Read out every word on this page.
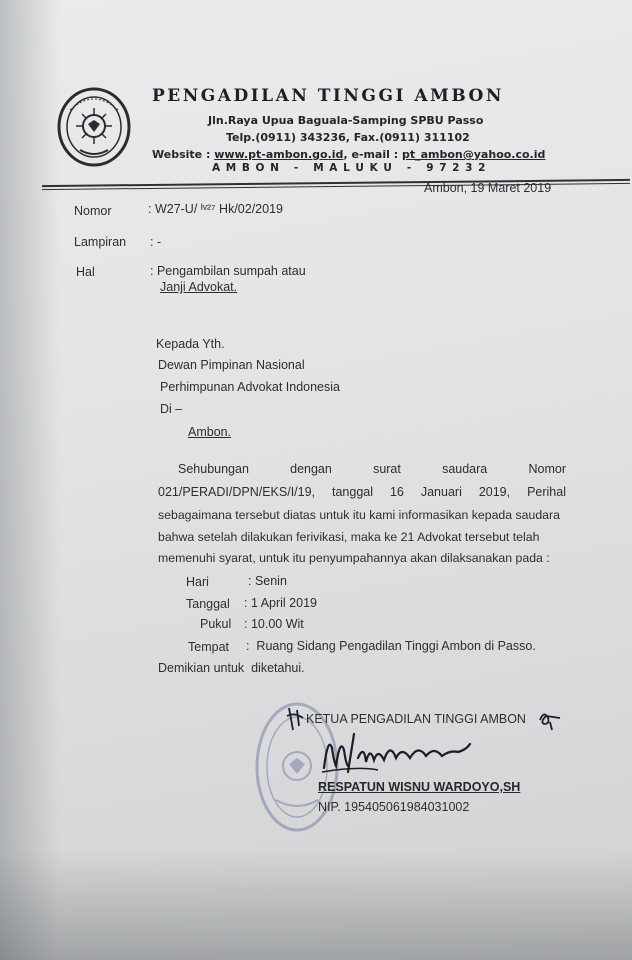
PENGADILAN TINGGI AMBON
Jln.Raya Upua Baguala-Samping SPBU Passo
Telp.(0911) 343236, Fax.(0911) 311102
Website : www.pt-ambon.go.id, e-mail : pt_ambon@yahoo.co.id
A M B O N   -   M A L U K U   -   9 7 2 3 2
Ambon, 19 Maret 2019
Nomor	: W27-U/ ᴵᵛ²⁷ Hk/02/2019
Lampiran : -
Hal	: Pengambilan sumpah atau
Janji Advokat.
Kepada Yth.
Dewan Pimpinan Nasional
Perhimpunan Advokat Indonesia
Di –
Ambon.
Sehubungan	dengan	surat	saudara	Nomor
021/PERADI/DPN/EKS/I/19, tanggal 16 Januari 2019, Perihal
sebagaimana tersebut diatas untuk itu kami informasikan kepada saudara
bahwa setelah dilakukan ferivikasi, maka ke 21 Advokat tersebut telah
memenuhi syarat, untuk itu penyumpahannya akan dilaksanakan pada :
Hari	: Senin
Tanggal : 1 April 2019
Pukul : 10.00 Wit
Tempat :  Ruang Sidang Pengadilan Tinggi Ambon di Passo.
Demikian untuk  diketahui.
KETUA PENGADILAN TINGGI AMBON
RESPATUN WISNU WARDOYO,SH
NIP. 195405061984031002
